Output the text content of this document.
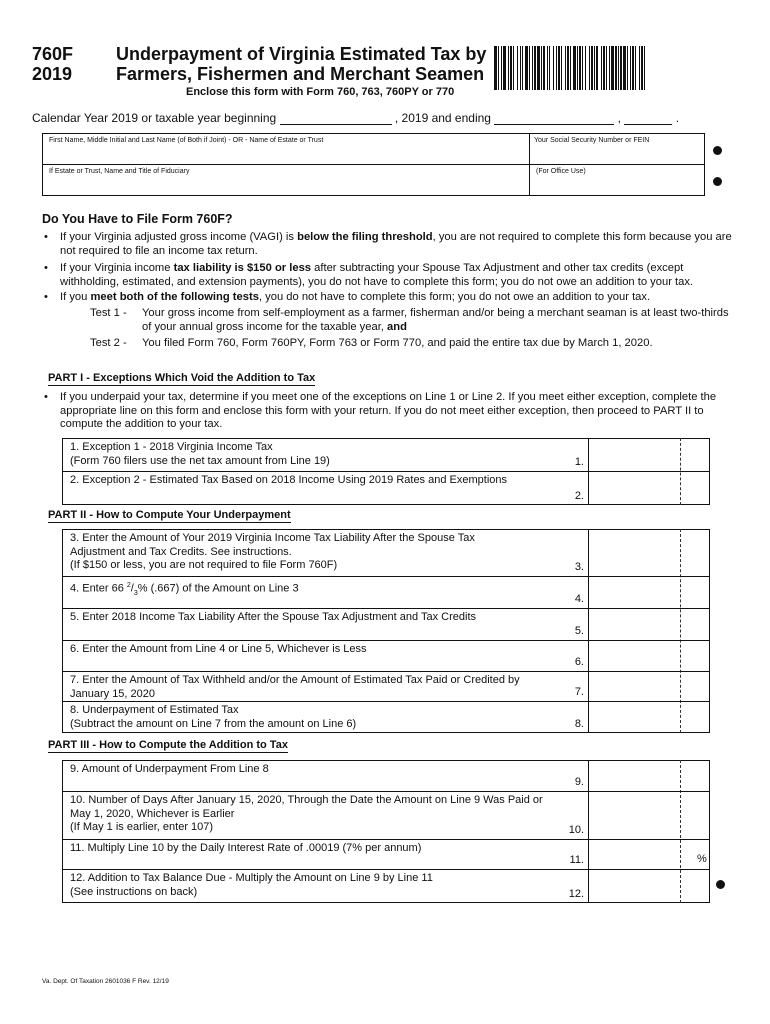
760F
2019
Underpayment of Virginia Estimated Tax by
Farmers, Fishermen and Merchant Seamen
Enclose this form with Form 760, 763, 760PY or 770
Calendar Year 2019 or taxable year beginning	, 2019 and ending	,	.
First Name, Middle Initial and Last Name (of Both if Joint) - OR - Name of Estate or Trust	Your Social Security Number or FEIN
If Estate or Trust, Name and Title of Fiduciary	(For Office Use)
Do You Have to File Form 760F?
• If your Virginia adjusted gross income (VAGI) is below the filing threshold, you are not required to complete this form because you are not required to file an income tax return.
• If your Virginia income tax liability is $150 or less after subtracting your Spouse Tax Adjustment and other tax credits (except withholding, estimated, and extension payments), you do not have to complete this form; you do not owe an addition to your tax.
• If you meet both of the following tests, you do not have to complete this form; you do not owe an addition to your tax.
Test 1 - Your gross income from self-employment as a farmer, fisherman and/or being a merchant seaman is at least two-thirds of your annual gross income for the taxable year, and
Test 2 - You filed Form 760, Form 760PY, Form 763 or Form 770, and paid the entire tax due by March 1, 2020.
PART I - Exceptions Which Void the Addition to Tax
• If you underpaid your tax, determine if you meet one of the exceptions on Line 1 or Line 2. If you meet either exception, complete the appropriate line on this form and enclose this form with your return. If you do not meet either exception, then proceed to PART II to compute the addition to your tax.
1. Exception 1 - 2018 Virginia Income Tax
(Form 760 filers use the net tax amount from Line 19)	1.
2. Exception 2 - Estimated Tax Based on 2018 Income Using 2019 Rates and Exemptions
2.
PART II - How to Compute Your Underpayment
3. Enter the Amount of Your 2019 Virginia Income Tax Liability After the Spouse Tax
Adjustment and Tax Credits. See instructions.
(If $150 or less, you are not required to file Form 760F)	3.
4. Enter 66 $^2/_3\%$ (.667) of the Amount on Line 3
4.
5. Enter 2018 Income Tax Liability After the Spouse Tax Adjustment and Tax Credits
5.
6. Enter the Amount from Line 4 or Line 5, Whichever is Less
6.
7. Enter the Amount of Tax Withheld and/or the Amount of Estimated Tax Paid or Credited by
January 15, 2020	7.
8. Underpayment of Estimated Tax
(Subtract the amount on Line 7 from the amount on Line 6)	8.
PART III - How to Compute the Addition to Tax
9. Amount of Underpayment From Line 8
9.
10. Number of Days After January 15, 2020, Through the Date the Amount on Line 9 Was Paid or
May 1, 2020, Whichever is Earlier
(If May 1 is earlier, enter 107)	10.
11. Multiply Line 10 by the Daily Interest Rate of .00019 (7% per annum)
11.	%
12. Addition to Tax Balance Due - Multiply the Amount on Line 9 by Line 11
(See instructions on back)	12.
Va. Dept. Of Taxation 2601036 F Rev. 12/19
